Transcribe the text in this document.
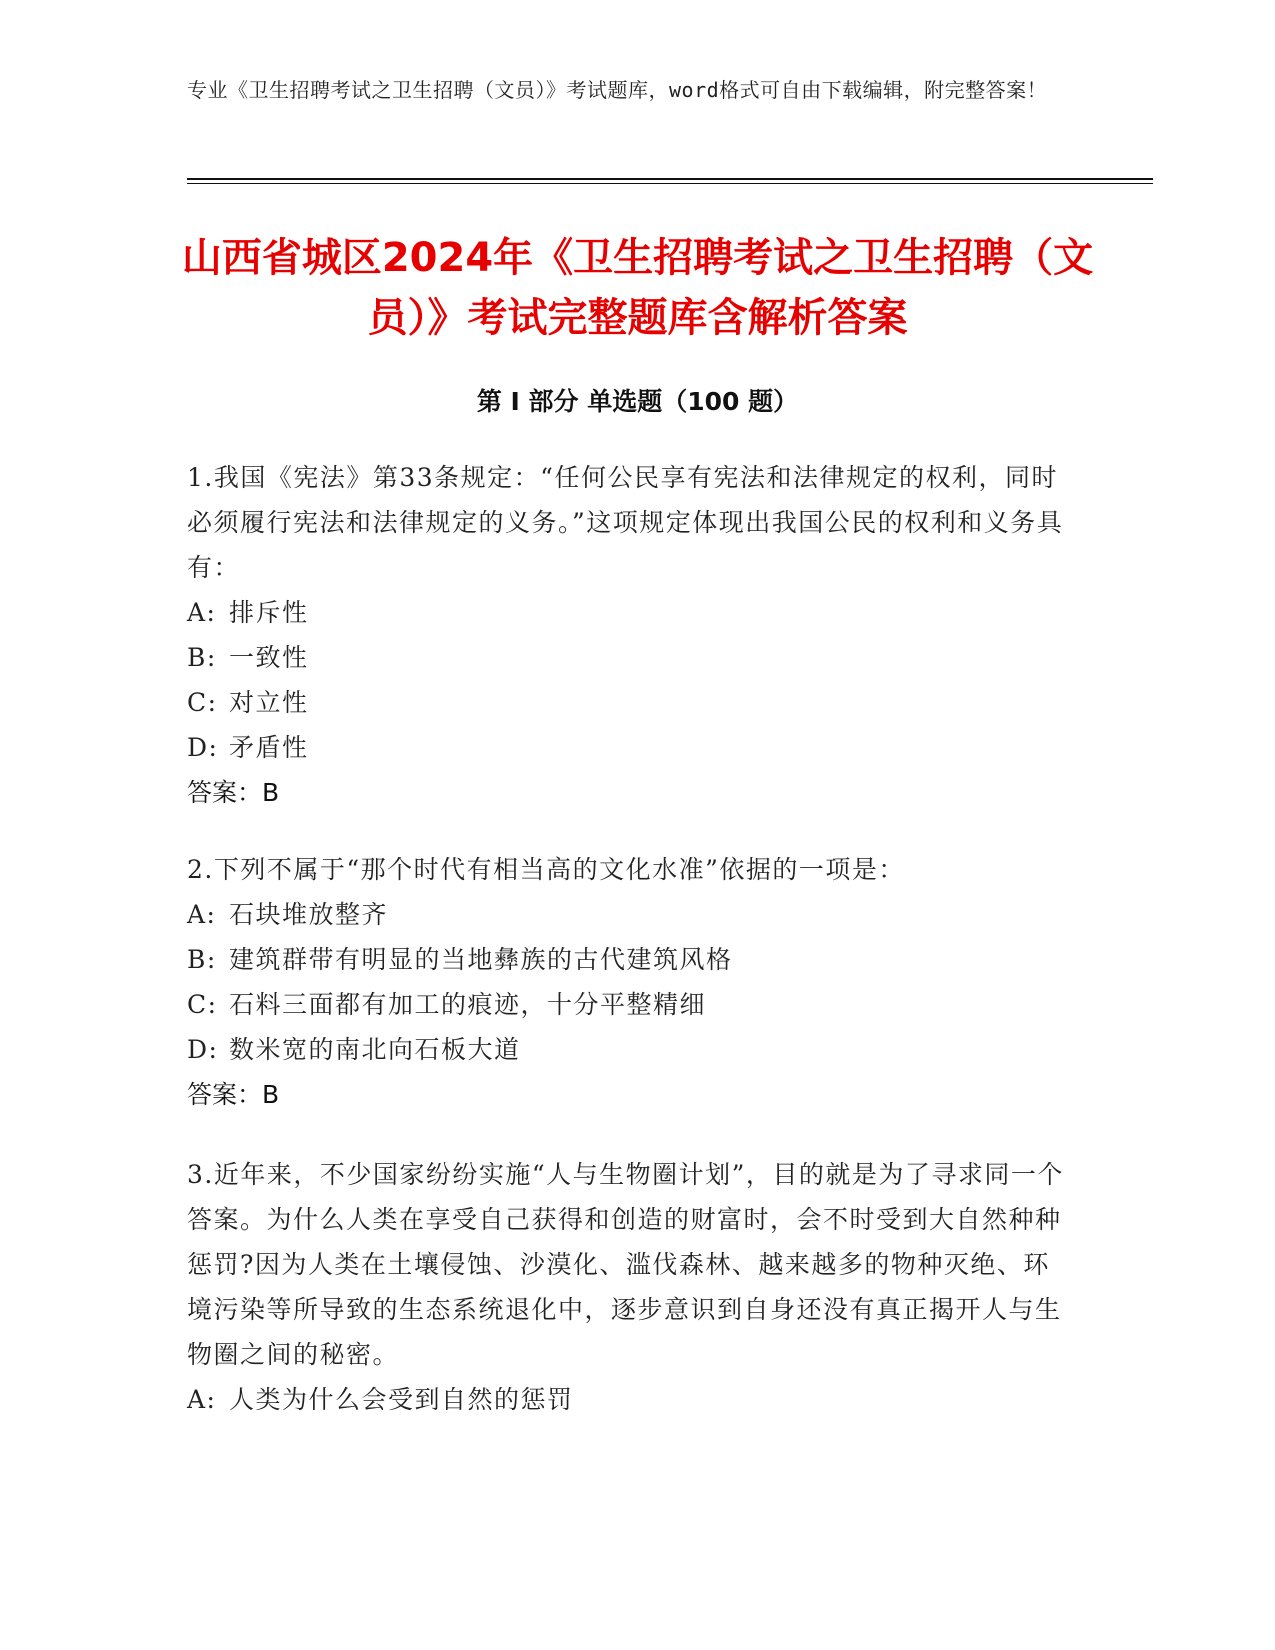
专业《卫生招聘考试之卫生招聘（文员）》考试题库，word格式可自由下载编辑，附完整答案！
山西省城区2024年《卫生招聘考试之卫生招聘（文员）》考试完整题库含解析答案
第 I 部分 单选题（100 题）
1.我国《宪法》第33条规定：“任何公民享有宪法和法律规定的权利，同时必须履行宪法和法律规定的义务。”这项规定体现出我国公民的权利和义务具有：
A: 排斥性
B: 一致性
C: 对立性
D: 矛盾性
答案：B
2.下列不属于“那个时代有相当高的文化水准”依据的一项是：
A: 石块堆放整齐
B: 建筑群带有明显的当地彝族的古代建筑风格
C: 石料三面都有加工的痕迹，十分平整精细
D: 数米宽的南北向石板大道
答案：B
3.近年来，不少国家纷纷实施“人与生物圈计划”，目的就是为了寻求同一个答案。为什么人类在享受自己获得和创造的财富时，会不时受到大自然种种惩罚?因为人类在土壤侵蚀、沙漠化、滥伐森林、越来越多的物种灭绝、环境污染等所导致的生态系统退化中，逐步意识到自身还没有真正揭开人与生物圈之间的秘密。
A: 人类为什么会受到自然的惩罚
